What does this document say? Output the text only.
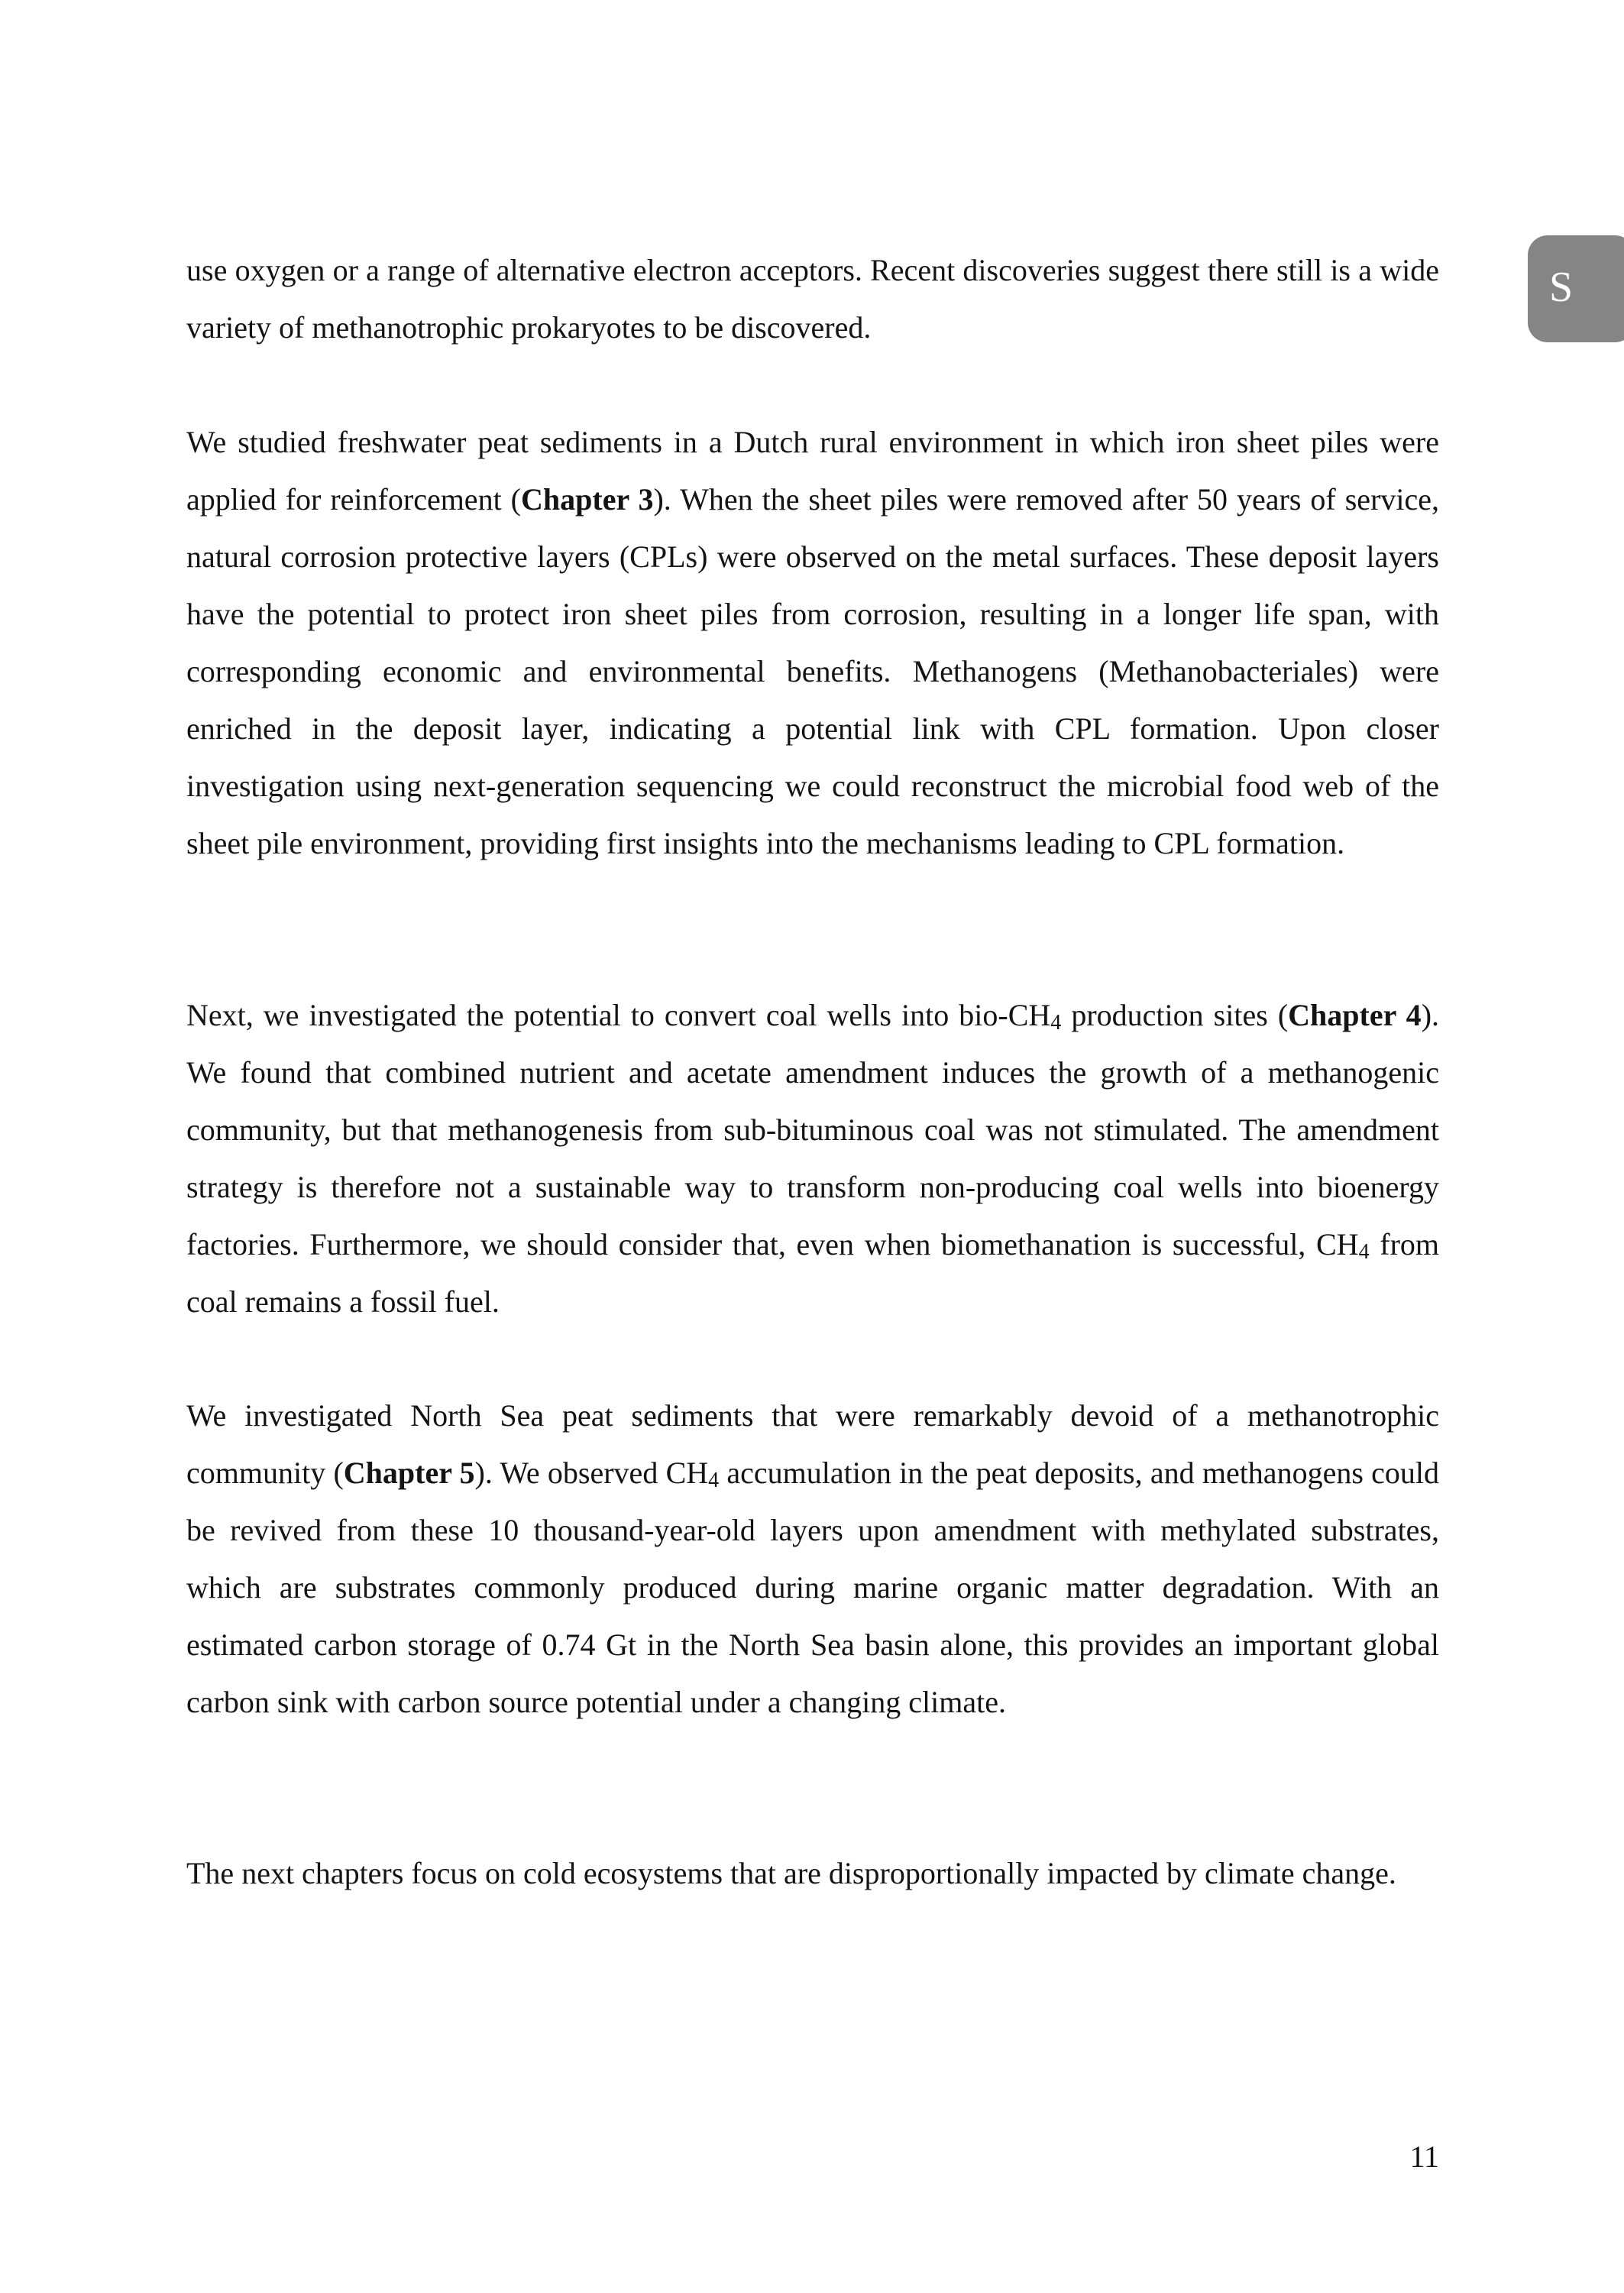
S

use oxygen or a range of alternative electron acceptors. Recent discoveries suggest there still is a wide variety of methanotrophic prokaryotes to be discovered.

We studied freshwater peat sediments in a Dutch rural environment in which iron sheet piles were applied for reinforcement (Chapter 3). When the sheet piles were removed after 50 years of service, natural corrosion protective layers (CPLs) were observed on the metal surfaces. These deposit layers have the potential to protect iron sheet piles from corrosion, resulting in a longer life span, with corresponding economic and environmental benefits. Methanogens (Methanobacteriales) were enriched in the deposit layer, indicating a potential link with CPL formation. Upon closer investigation using next-generation sequencing we could reconstruct the microbial food web of the sheet pile environment, providing first insights into the mechanisms leading to CPL formation.

Next, we investigated the potential to convert coal wells into bio-CH4 production sites (Chapter 4). We found that combined nutrient and acetate amendment induces the growth of a methanogenic community, but that methanogenesis from sub-bituminous coal was not stimulated. The amendment strategy is therefore not a sustainable way to transform non-producing coal wells into bioenergy factories. Furthermore, we should consider that, even when biomethanation is successful, CH4 from coal remains a fossil fuel.

We investigated North Sea peat sediments that were remarkably devoid of a methanotrophic community (Chapter 5). We observed CH4 accumulation in the peat deposits, and methanogens could be revived from these 10 thousand-year-old layers upon amendment with methylated substrates, which are substrates commonly produced during marine organic matter degradation. With an estimated carbon storage of 0.74 Gt in the North Sea basin alone, this provides an important global carbon sink with carbon source potential under a changing climate.

The next chapters focus on cold ecosystems that are disproportionally impacted by climate change.

11
